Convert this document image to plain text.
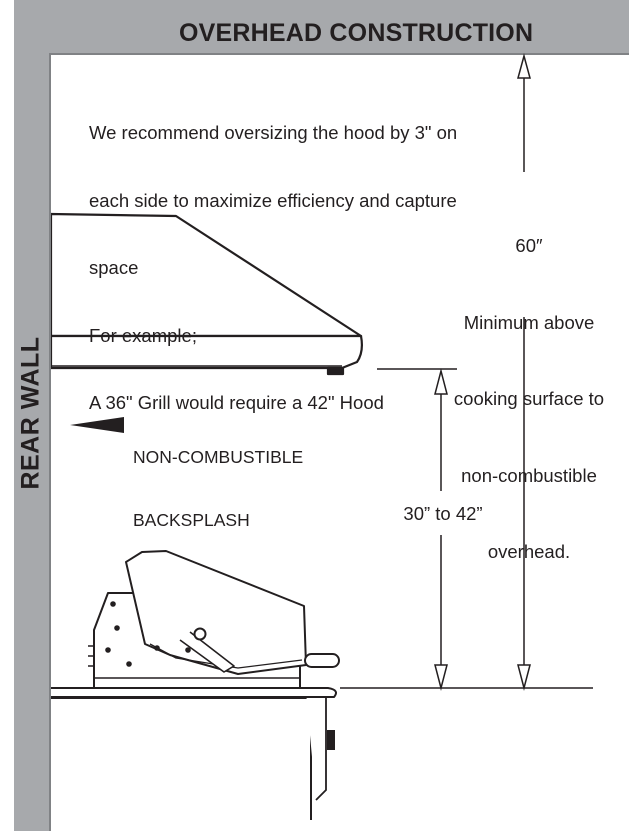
OVERHEAD CONSTRUCTION
REAR WALL

We recommend oversizing the hood by 3" on

each side to maximize efficiency and capture

space

For example;

A 36" Grill would require a 42" Hood

60″

Minimum above

cooking surface to

non-combustible

overhead.

30” to 42”

NON-COMBUSTIBLE

BACKSPLASH
